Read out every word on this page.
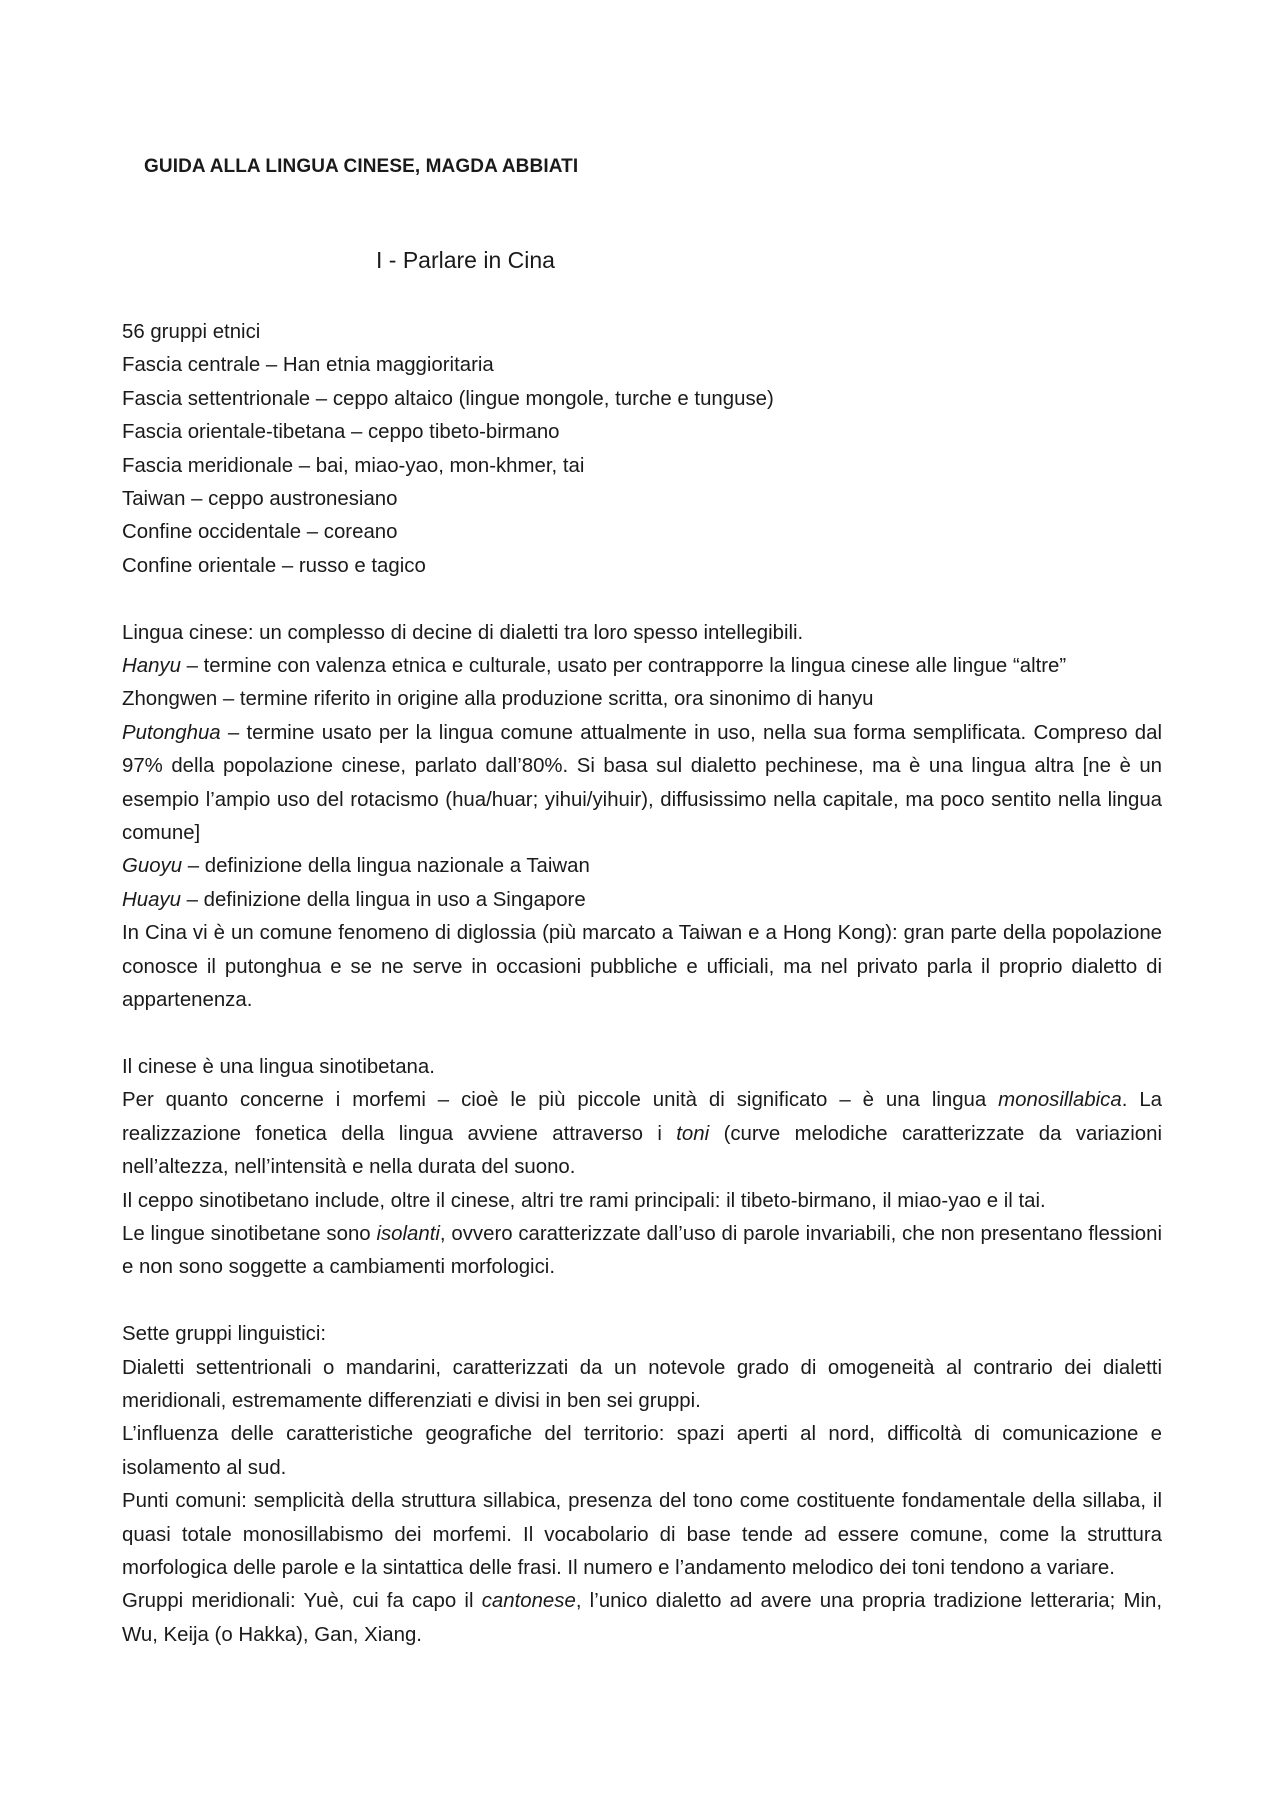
GUIDA ALLA LINGUA CINESE, MAGDA ABBIATI
I - Parlare in Cina
56 gruppi etnici
Fascia centrale – Han etnia maggioritaria
Fascia settentrionale – ceppo altaico (lingue mongole, turche e tunguse)
Fascia orientale-tibetana – ceppo tibeto-birmano
Fascia meridionale – bai, miao-yao, mon-khmer, tai
Taiwan – ceppo austronesiano
Confine occidentale – coreano
Confine orientale – russo e tagico

Lingua cinese: un complesso di decine di dialetti tra loro spesso intellegibili.

Hanyu – termine con valenza etnica e culturale, usato per contrapporre la lingua cinese alle lingue “altre”

Zhongwen – termine riferito in origine alla produzione scritta, ora sinonimo di hanyu

Putonghua – termine usato per la lingua comune attualmente in uso, nella sua forma semplificata. Compreso dal 97% della popolazione cinese, parlato dall’80%. Si basa sul dialetto pechinese, ma è una lingua altra [ne è un esempio l’ampio uso del rotacismo (hua/huar; yihui/yihuir), diffusissimo nella capitale, ma poco sentito nella lingua comune]

Guoyu – definizione della lingua nazionale a Taiwan

Huayu – definizione della lingua in uso a Singapore

In Cina vi è un comune fenomeno di diglossia (più marcato a Taiwan e a Hong Kong): gran parte della popolazione conosce il putonghua e se ne serve in occasioni pubbliche e ufficiali, ma nel privato parla il proprio dialetto di appartenenza.

Il cinese è una lingua sinotibetana.

Per quanto concerne i morfemi – cioè le più piccole unità di significato – è una lingua monosillabica. La realizzazione fonetica della lingua avviene attraverso i toni (curve melodiche caratterizzate da variazioni nell’altezza, nell’intensità e nella durata del suono.

Il ceppo sinotibetano include, oltre il cinese, altri tre rami principali: il tibeto-birmano, il miao-yao e il tai.

Le lingue sinotibetane sono isolanti, ovvero caratterizzate dall’uso di parole invariabili, che non presentano flessioni e non sono soggette a cambiamenti morfologici.

Sette gruppi linguistici:

Dialetti settentrionali o mandarini, caratterizzati da un notevole grado di omogeneità al contrario dei dialetti meridionali, estremamente differenziati e divisi in ben sei gruppi.

L’influenza delle caratteristiche geografiche del territorio: spazi aperti al nord, difficoltà di comunicazione e isolamento al sud.

Punti comuni: semplicità della struttura sillabica, presenza del tono come costituente fondamentale della sillaba, il quasi totale monosillabismo dei morfemi. Il vocabolario di base tende ad essere comune, come la struttura morfologica delle parole e la sintattica delle frasi. Il numero e l’andamento melodico dei toni tendono a variare.

Gruppi meridionali: Yuè, cui fa capo il cantonese, l’unico dialetto ad avere una propria tradizione letteraria; Min, Wu, Keija (o Hakka), Gan, Xiang.
